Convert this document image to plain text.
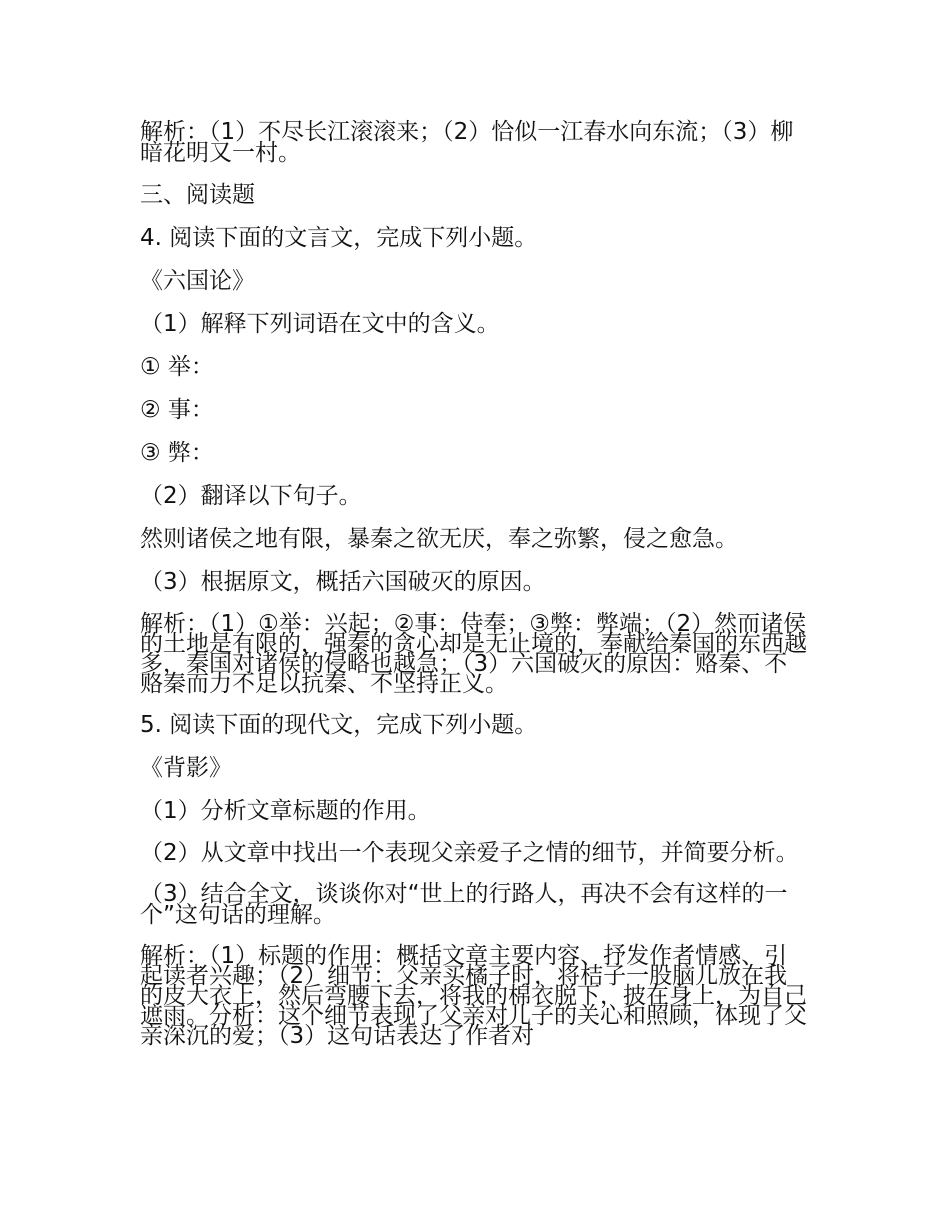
解析：（1）不尽长江滚滚来；（2）恰似一江春水向东流；（3）柳暗花明又一村。

三、阅读题

4. 阅读下面的文言文，完成下列小题。

《六国论》

（1）解释下列词语在文中的含义。

① 举：

② 事：

③ 弊：

（2）翻译以下句子。

然则诸侯之地有限，暴秦之欲无厌，奉之弥繁，侵之愈急。

（3）根据原文，概括六国破灭的原因。

解析：（1）①举：兴起；②事：侍奉；③弊：弊端；（2）然而诸侯的土地是有限的，强秦的贪心却是无止境的，奉献给秦国的东西越多，秦国对诸侯的侵略也越急；（3）六国破灭的原因：赂秦、不赂秦而力不足以抗秦、不坚持正义。

5. 阅读下面的现代文，完成下列小题。

《背影》

（1）分析文章标题的作用。

（2）从文章中找出一个表现父亲爱子之情的细节，并简要分析。

（3）结合全文，谈谈你对“世上的行路人，再决不会有这样的一个”这句话的理解。

解析：（1）标题的作用：概括文章主要内容、抒发作者情感、引起读者兴趣；（2）细节：父亲买橘子时，将桔子一股脑儿放在我的皮大衣上，然后弯腰下去，将我的棉衣脱下，披在身上，为自己遮雨。分析：这个细节表现了父亲对儿子的关心和照顾，体现了父亲深沉的爱；（3）这句话表达了作者对
